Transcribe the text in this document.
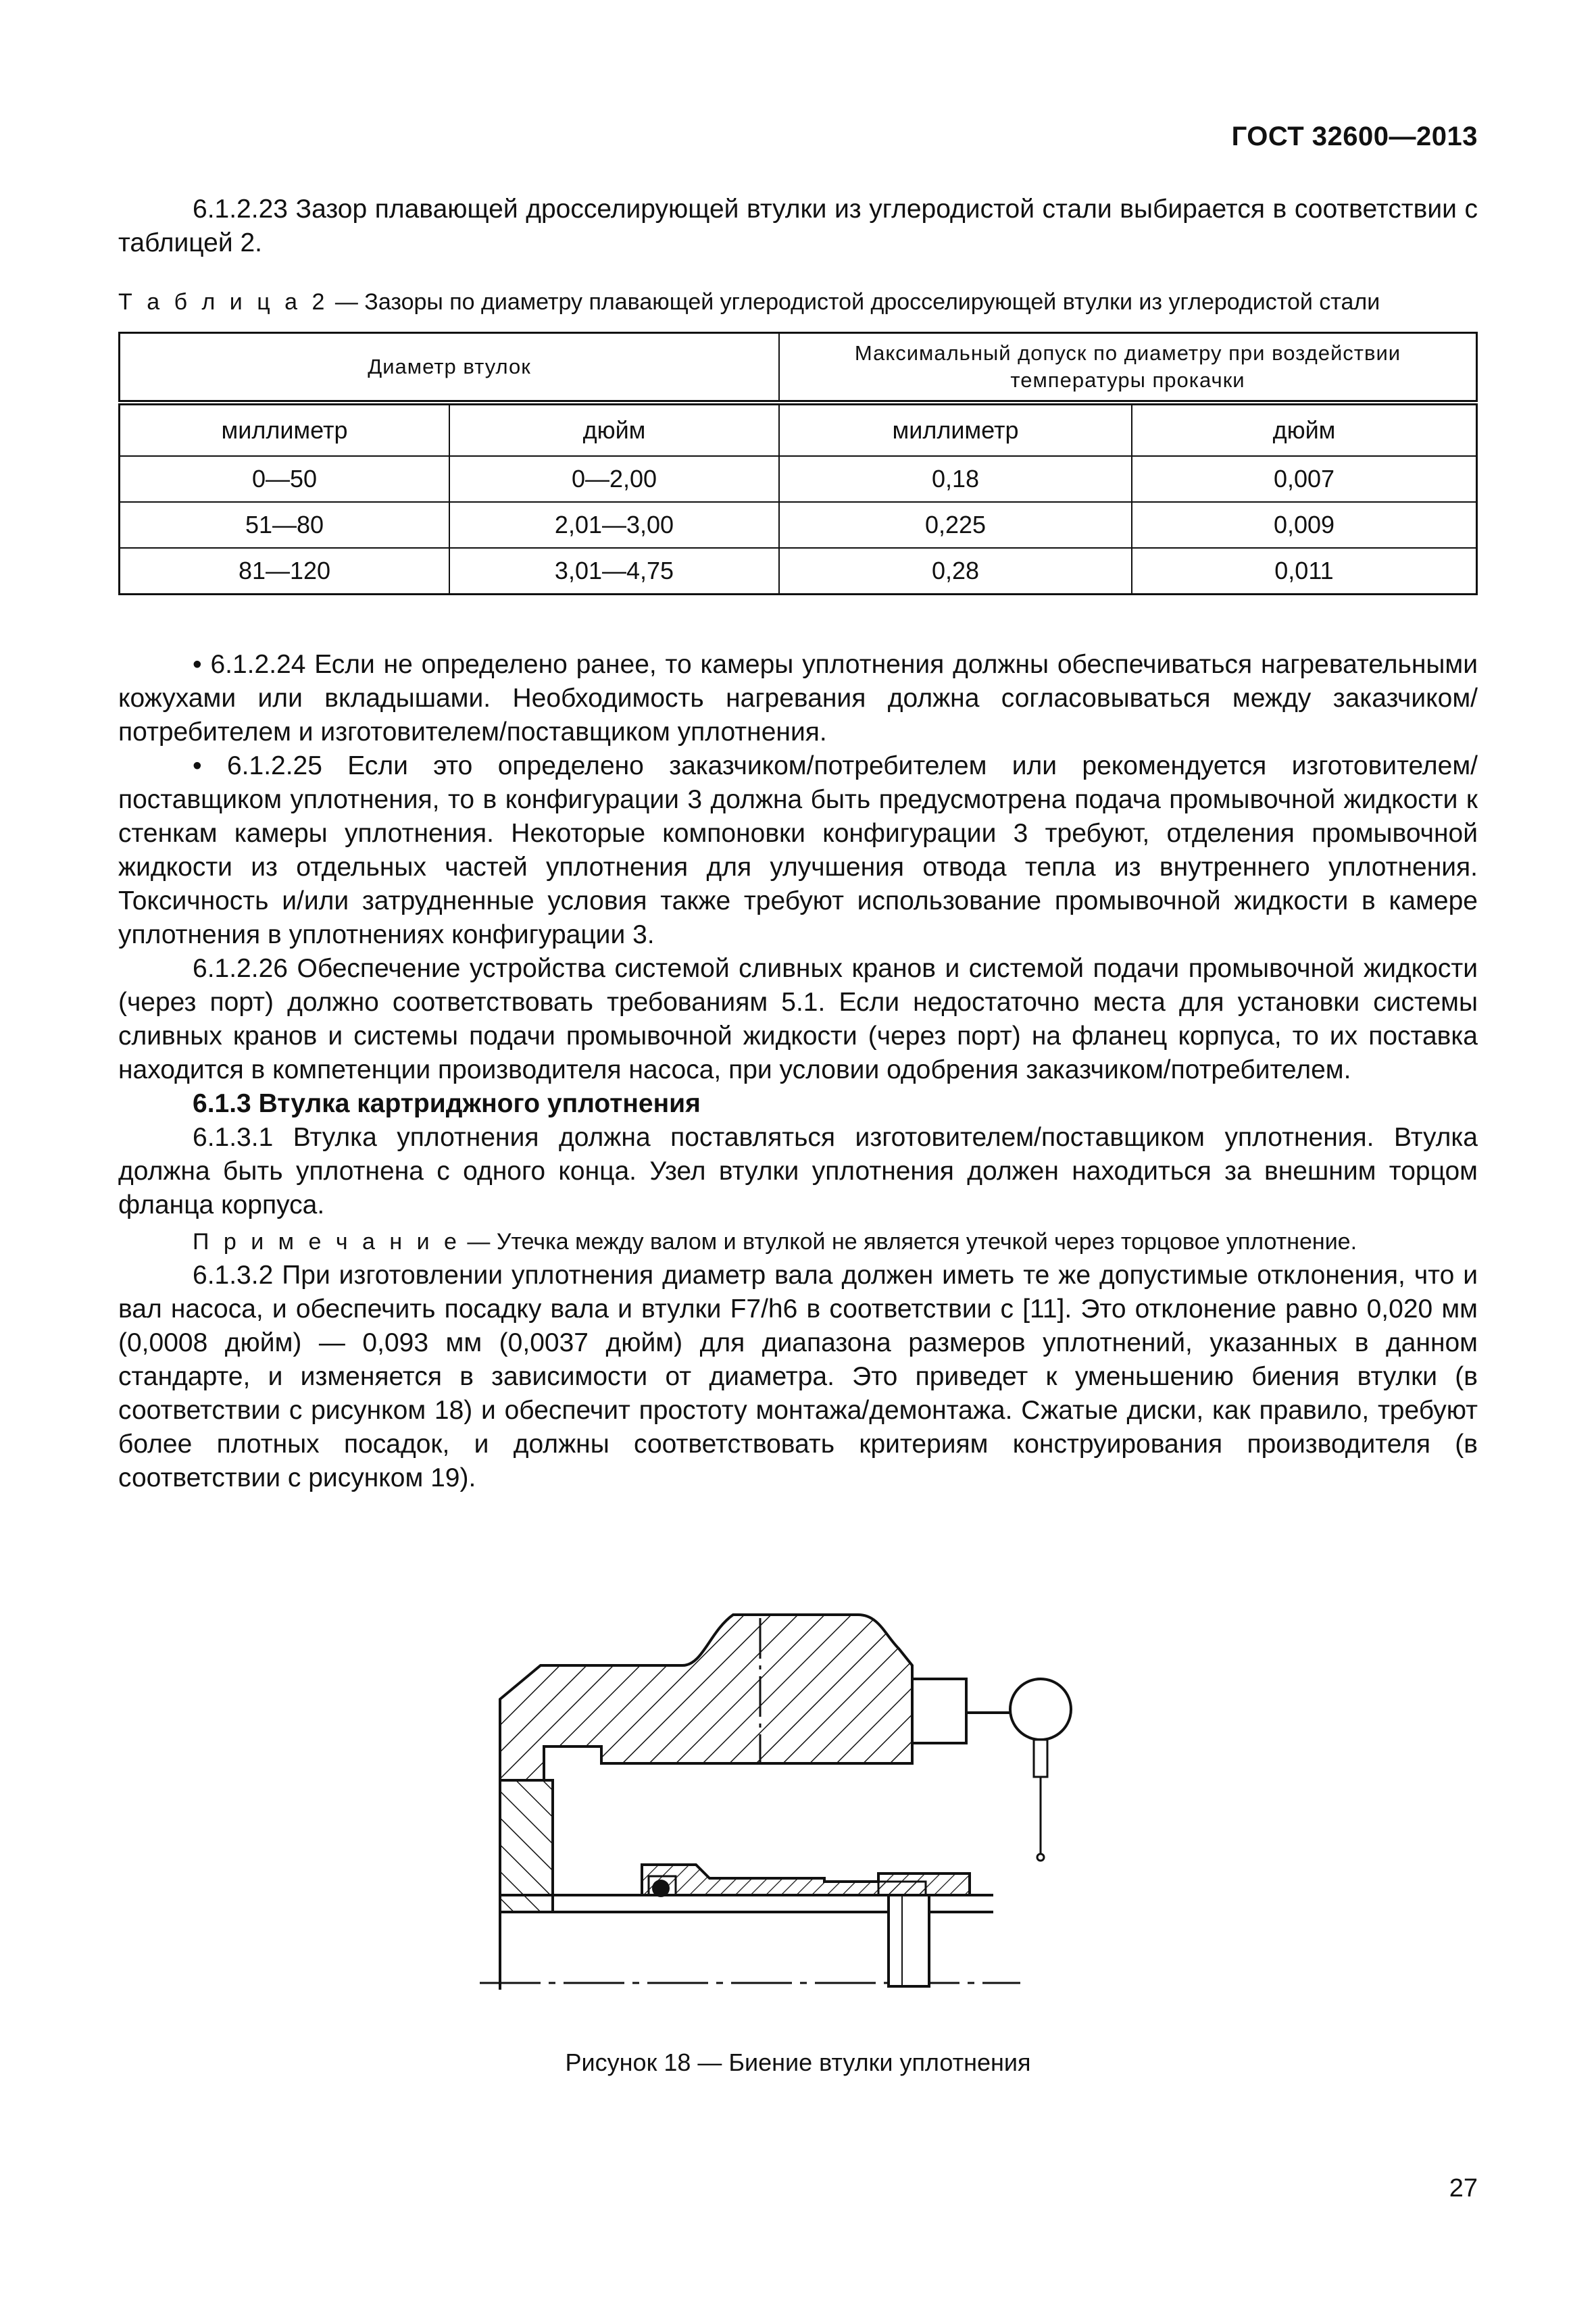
ГОСТ 32600—2013

6.1.2.23 Зазор плавающей дросселирующей втулки из углеродистой стали выбирается в соответствии с таблицей 2.

Т а б л и ц а 2 — Зазоры по диаметру плавающей углеродистой дросселирующей втулки из углеродистой стали
Диаметр втулок		Максимальный допуск по диаметру при воздействии температуры прокачки	
миллиметр	дюйм	миллиметр	дюйм
0—50	0—2,00	0,18	0,007
51—80	2,01—3,00	0,225	0,009
81—120	3,01—4,75	0,28	0,011

• 6.1.2.24 Если не определено ранее, то камеры уплотнения должны обеспечиваться нагревательными кожухами или вкладышами. Необходимость нагревания должна согласовываться между заказчиком/потребителем и изготовителем/поставщиком уплотнения.

• 6.1.2.25 Если это определено заказчиком/потребителем или рекомендуется изготовителем/поставщиком уплотнения, то в конфигурации 3 должна быть предусмотрена подача промывочной жидкости к стенкам камеры уплотнения. Некоторые компоновки конфигурации 3 требуют, отделения промывочной жидкости из отдельных частей уплотнения для улучшения отвода тепла из внутреннего уплотнения. Токсичность и/или затрудненные условия также требуют использование промывочной жидкости в камере уплотнения в уплотнениях конфигурации 3.

6.1.2.26 Обеспечение устройства системой сливных кранов и системой подачи промывочной жидкости (через порт) должно соответствовать требованиям 5.1. Если недостаточно места для установки системы сливных кранов и системы подачи промывочной жидкости (через порт) на фланец корпуса, то их поставка находится в компетенции производителя насоса, при условии одобрения заказчиком/потребителем.

6.1.3 Втулка картриджного уплотнения

6.1.3.1 Втулка уплотнения должна поставляться изготовителем/поставщиком уплотнения. Втулка должна быть уплотнена с одного конца. Узел втулки уплотнения должен находиться за внешним торцом фланца корпуса.

П р и м е ч а н и е — Утечка между валом и втулкой не является утечкой через торцовое уплотнение.

6.1.3.2 При изготовлении уплотнения диаметр вала должен иметь те же допустимые отклонения, что и вал насоса, и обеспечить посадку вала и втулки F7/h6 в соответствии с [11]. Это отклонение равно 0,020 мм (0,0008 дюйм) — 0,093 мм (0,0037 дюйм) для диапазона размеров уплотнений, указанных в данном стандарте, и изменяется в зависимости от диаметра. Это приведет к уменьшению биения втулки (в соответствии с рисунком 18) и обеспечит простоту монтажа/демонтажа. Сжатые диски, как правило, требуют более плотных посадок, и должны соответствовать критериям конструирования производителя (в соответствии с рисунком 19).

Рисунок 18 — Биение втулки уплотнения
27
